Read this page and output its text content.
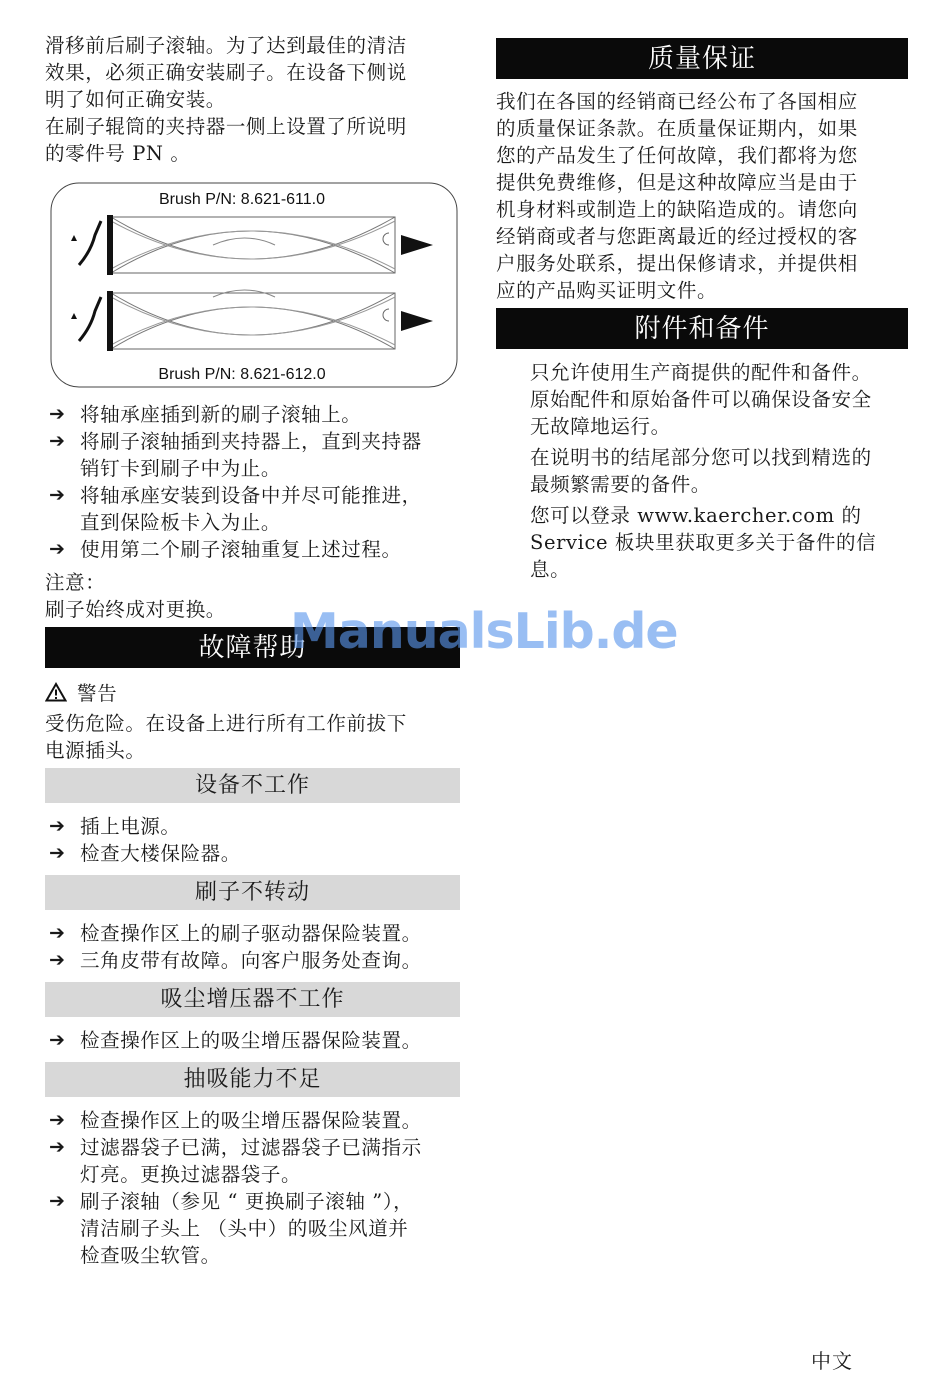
滑移前后刷子滚轴。为了达到最佳的清洁

效果，必须正确安装刷子。在设备下侧说

明了如何正确安装。

在刷子辊筒的夹持器一侧上设置了所说明

的零件号 PN 。

Brush P/N: 8.621-611.0
Brush P/N: 8.621-612.0
➔ 将轴承座插到新的刷子滚轴上。
➔ 将刷子滚轴插到夹持器上，直到夹持器
销钉卡到刷子中为止。
➔ 将轴承座安装到设备中并尽可能推进，
直到保险板卡入为止。
➔ 使用第二个刷子滚轴重复上述过程。

注意：

刷子始终成对更换。

故障帮助

警告

受伤危险。在设备上进行所有工作前拔下

电源插头。

设备不工作
➔ 插上电源。
➔ 检查大楼保险器。
刷子不转动
➔ 检查操作区上的刷子驱动器保险装置。
➔ 三角皮带有故障。向客户服务处查询。
吸尘增压器不工作
➔ 检查操作区上的吸尘增压器保险装置。
抽吸能力不足
➔ 检查操作区上的吸尘增压器保险装置。
➔ 过滤器袋子已满，过滤器袋子已满指示
灯亮。更换过滤器袋子。
➔ 刷子滚轴（参见 “ 更换刷子滚轴 ”），
清洁刷子头上 （头中）的吸尘风道并
检查吸尘软管。
质量保证

我们在各国的经销商已经公布了各国相应

的质量保证条款。在质量保证期内，如果

您的产品发生了任何故障，我们都将为您

提供免费维修，但是这种故障应当是由于

机身材料或制造上的缺陷造成的。请您向

经销商或者与您距离最近的经过授权的客

户服务处联系，提出保修请求，并提供相

应的产品购买证明文件。

附件和备件

只允许使用生产商提供的配件和备件。

原始配件和原始备件可以确保设备安全

无故障地运行。

在说明书的结尾部分您可以找到精选的

最频繁需要的备件。

您可以登录 www.kaercher.com 的

Service 板块里获取更多关于备件的信

息。

ManualsLib.de
中文
